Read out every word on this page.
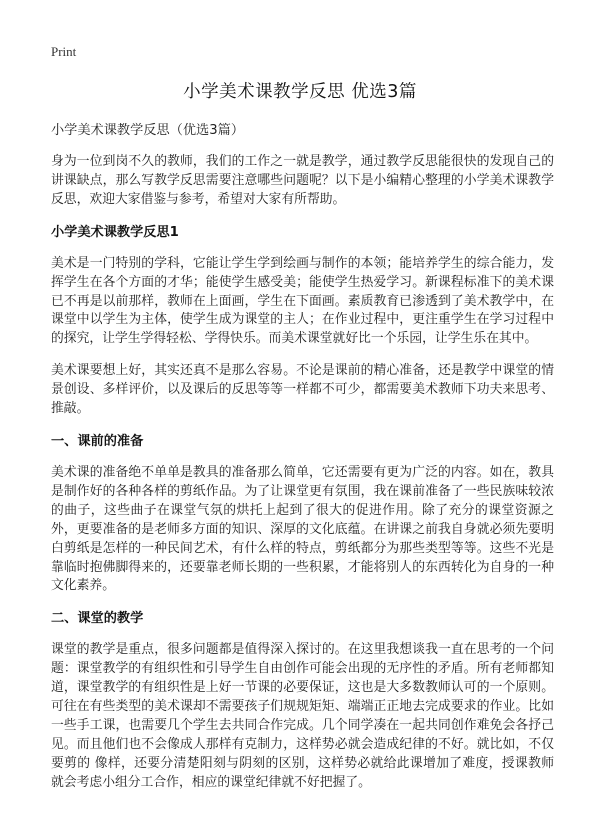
Print
小学美术课教学反思 优选3篇
小学美术课教学反思（优选3篇）

身为一位到岗不久的教师，我们的工作之一就是教学，通过教学反思能很快的发现自己的讲课缺点，那么写教学反思需要注意哪些问题呢？以下是小编精心整理的小学美术课教学反思，欢迎大家借鉴与参考，希望对大家有所帮助。

小学美术课教学反思1

美术是一门特别的学科，它能让学生学到绘画与制作的本领；能培养学生的综合能力，发挥学生在各个方面的才华；能使学生感受美；能使学生热爱学习。新课程标准下的美术课已不再是以前那样，教师在上面画，学生在下面画。素质教育已渗透到了美术教学中，在课堂中以学生为主体，使学生成为课堂的主人；在作业过程中，更注重学生在学习过程中的探究，让学生学得轻松、学得快乐。而美术课堂就好比一个乐园，让学生乐在其中。

美术课要想上好，其实还真不是那么容易。不论是课前的精心准备，还是教学中课堂的情景创设、多样评价，以及课后的反思等等一样都不可少，都需要美术教师下功夫来思考、推敲。

一、课前的准备

美术课的准备绝不单单是教具的准备那么简单，它还需要有更为广泛的内容。如在，教具是制作好的各种各样的剪纸作品。为了让课堂更有氛围，我在课前准备了一些民族味较浓的曲子，这些曲子在课堂气氛的烘托上起到了很大的促进作用。除了充分的课堂资源之外，更要准备的是老师多方面的知识、深厚的文化底蕴。在讲课之前我自身就必须先要明白剪纸是怎样的一种民间艺术，有什么样的特点，剪纸都分为那些类型等等。这些不光是靠临时抱佛脚得来的，还要靠老师长期的一些积累，才能将别人的东西转化为自身的一种文化素养。

二、课堂的教学

课堂的教学是重点，很多问题都是值得深入探讨的。在这里我想谈我一直在思考的一个问题：课堂教学的有组织性和引导学生自由创作可能会出现的无序性的矛盾。所有老师都知道，课堂教学的有组织性是上好一节课的必要保证，这也是大多数教师认可的一个原则。可往在有些类型的美术课却不需要孩子们规规矩矩、端端正正地去完成要求的作业。比如一些手工课，也需要几个学生去共同合作完成。几个同学凑在一起共同创作难免会各抒己见。而且他们也不会像成人那样有克制力，这样势必就会造成纪律的不好。就比如，不仅要剪的 像样，还要分清楚阳刻与阴刻的区别，这样势必就给此课增加了难度，授课教师就会考虑小组分工合作，相应的课堂纪律就不好把握了。
